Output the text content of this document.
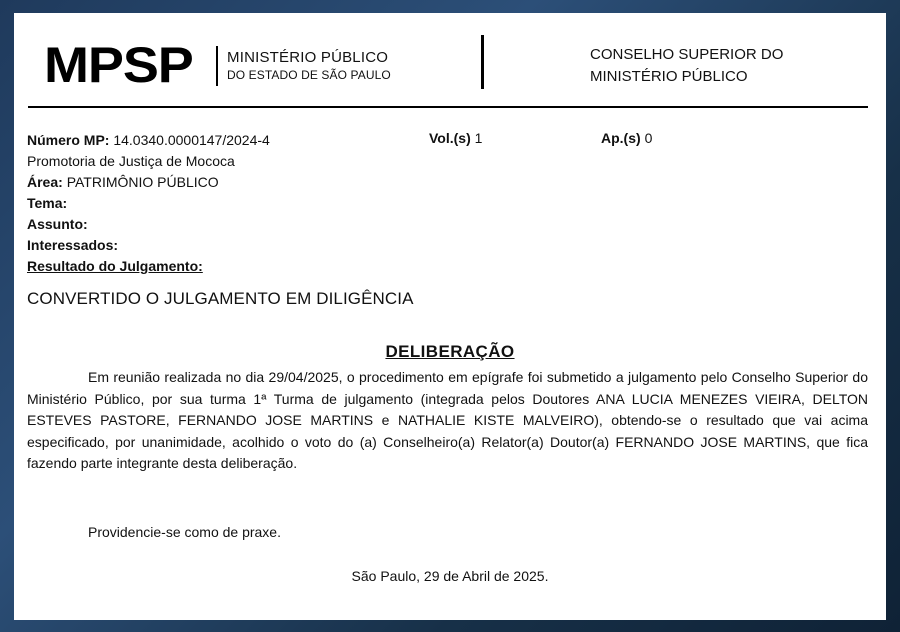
MPSP MINISTÉRIO PÚBLICO
DO ESTADO DE SÃO PAULO
CONSELHO SUPERIOR DO
MINISTÉRIO PÚBLICO
Número MP: 14.0340.0000147/2024-4
Promotoria de Justiça de Mococa
Área: PATRIMÔNIO PÚBLICO
Tema:
Assunto:
Interessados:
Resultado do Julgamento:
Vol.(s) 1	Ap.(s) 0
CONVERTIDO O JULGAMENTO EM DILIGÊNCIA
DELIBERAÇÃO
Em reunião realizada no dia 29/04/2025, o procedimento em epígrafe foi submetido a julgamento pelo Conselho Superior do Ministério Público, por sua turma 1ª Turma de julgamento (integrada pelos Doutores ANA LUCIA MENEZES VIEIRA, DELTON ESTEVES PASTORE, FERNANDO JOSE MARTINS e NATHALIE KISTE MALVEIRO), obtendo-se o resultado que vai acima especificado, por unanimidade, acolhido o voto do (a) Conselheiro(a) Relator(a) Doutor(a) FERNANDO JOSE MARTINS, que fica fazendo parte integrante desta deliberação.
Providencie-se como de praxe.
São Paulo, 29 de Abril de 2025.
